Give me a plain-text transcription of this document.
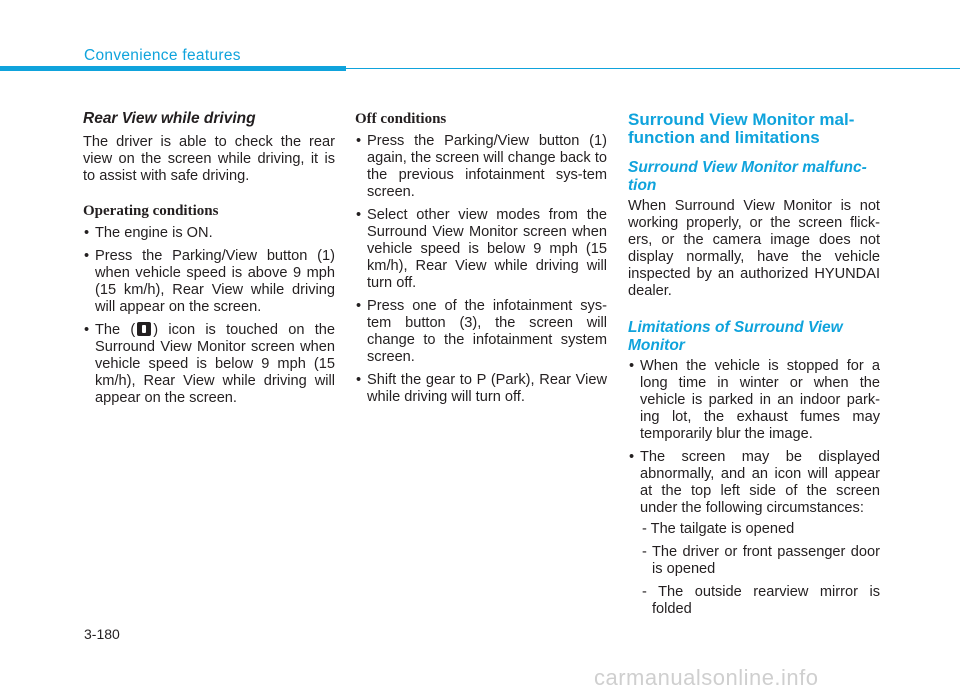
Convenience features
Rear View while driving

The driver is able to check the rear view on the screen while driving, it is to assist with safe driving.

Operating conditions
• The engine is ON.
• Press the Parking/View button (1) when vehicle speed is above 9 mph (15 km/h), Rear View while driving will appear on the screen.
• The ( ) icon is touched on the Surround View Monitor screen when vehicle speed is below 9 mph (15 km/h), Rear View while driving will appear on the screen.
Off conditions
• Press the Parking/View button (1) again, the screen will change back to the previous infotainment sys-tem screen.
• Select other view modes from the Surround View Monitor screen when vehicle speed is below 9 mph (15 km/h), Rear View while driving will turn off.
• Press one of the infotainment sys-tem button (3), the screen will change to the infotainment system screen.
• Shift the gear to P (Park), Rear View while driving will turn off.
Surround View Monitor mal-function and limitations
Surround View Monitor malfunc-tion

When Surround View Monitor is not working properly, or the screen flick-ers, or the camera image does not display normally, have the vehicle inspected by an authorized HYUNDAI dealer.

Limitations of Surround View Monitor
• When the vehicle is stopped for a long time in winter or when the vehicle is parked in an indoor park-ing lot, the exhaust fumes may temporarily blur the image.
• The screen may be displayed abnormally, and an icon will appear at the top left side of the screen under the following circumstances:
- The tailgate is opened
- The driver or front passenger door is opened
- The outside rearview mirror is folded
3-180
carmanualsonline.info
